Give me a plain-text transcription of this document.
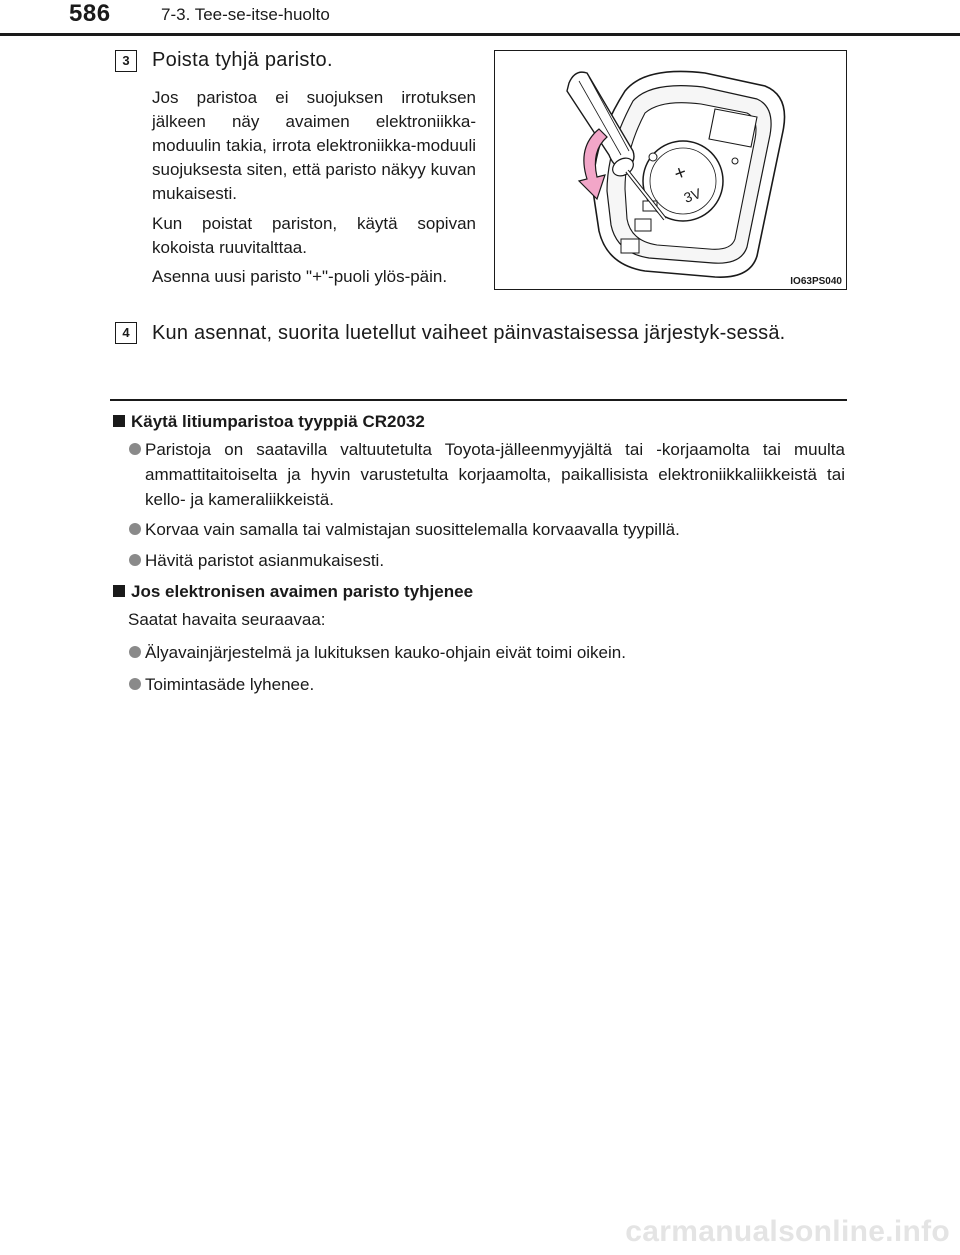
586	7-3. Tee-se-itse-huolto
3	Poista tyhjä paristo.
Jos paristoa ei suojuksen irrotuksen jälkeen näy avaimen elektroniikka-moduulin takia, irrota elektroniikka-moduuli suojuksesta siten, että paristo näkyy kuvan mukaisesti.
Kun poistat pariston, käytä sopivan kokoista ruuvitalttaa.
Asenna uusi paristo "+"-puoli ylös-päin.
3V
+
IO63PS040
4	Kun asennat, suorita luetellut vaiheet päinvastaisessa järjestyk-sessä.
Käytä litiumparistoa tyyppiä CR2032
Paristoja on saatavilla valtuutetulta Toyota-jälleenmyyjältä tai -korjaamolta tai muulta ammattitaitoiselta ja hyvin varustetulta korjaamolta, paikallisista elektroniikkaliikkeistä tai kello- ja kameraliikkeistä.
Korvaa vain samalla tai valmistajan suosittelemalla korvaavalla tyypillä.
Hävitä paristot asianmukaisesti.
Jos elektronisen avaimen paristo tyhjenee
Saatat havaita seuraavaa:
Älyavainjärjestelmä ja lukituksen kauko-ohjain eivät toimi oikein.
Toimintasäde lyhenee.
carmanualsonline.info
